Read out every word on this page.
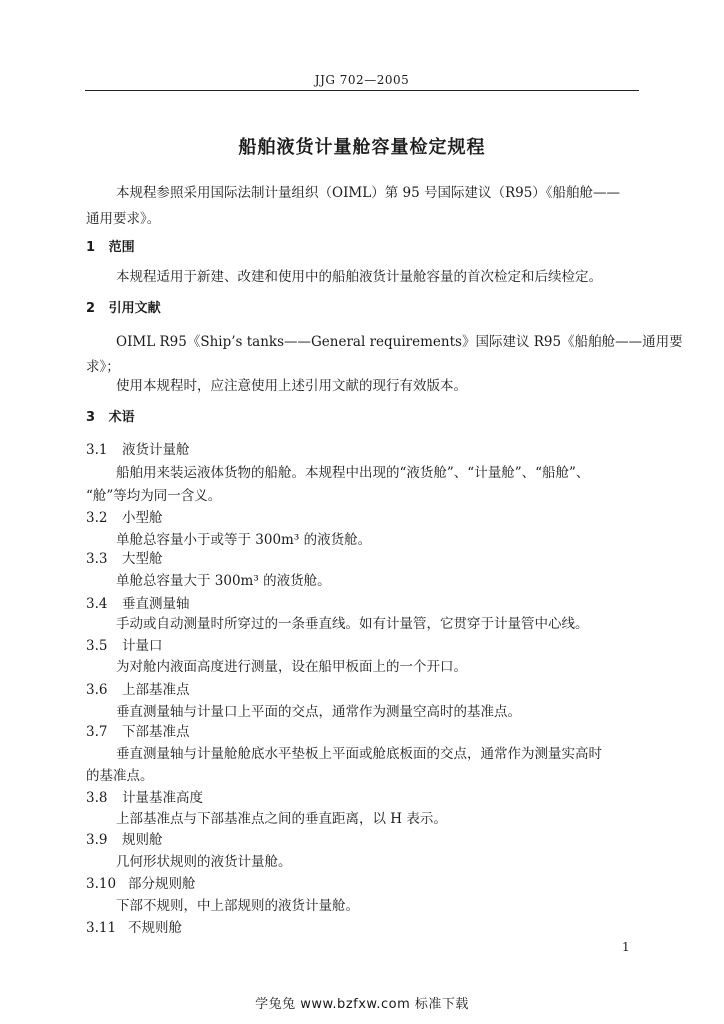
JJG 702—2005
船舶液货计量舱容量检定规程
本规程参照采用国际法制计量组织（OIML）第 95 号国际建议（R95）《船舶舱——
通用要求》。
1 范围
本规程适用于新建、改建和使用中的船舶液货计量舱容量的首次检定和后续检定。
2 引用文献
OIML R95《Ship’s tanks——General requirements》国际建议 R95《船舶舱——通用要
求》；
使用本规程时，应注意使用上述引用文献的现行有效版本。
3 术语
3.1 液货计量舱
船舶用来装运液体货物的船舱。本规程中出现的“液货舱”、“计量舱”、“船舱”、
“舱”等均为同一含义。
3.2 小型舱
单舱总容量小于或等于 300m³ 的液货舱。
3.3 大型舱
单舱总容量大于 300m³ 的液货舱。
3.4 垂直测量轴
手动或自动测量时所穿过的一条垂直线。如有计量管，它贯穿于计量管中心线。
3.5 计量口
为对舱内液面高度进行测量，设在船甲板面上的一个开口。
3.6 上部基准点
垂直测量轴与计量口上平面的交点，通常作为测量空高时的基准点。
3.7 下部基准点
垂直测量轴与计量舱舱底水平垫板上平面或舱底板面的交点，通常作为测量实高时
的基准点。
3.8 计量基准高度
上部基准点与下部基准点之间的垂直距离，以 H 表示。
3.9 规则舱
几何形状规则的液货计量舱。
3.10 部分规则舱
下部不规则，中上部规则的液货计量舱。
3.11 不规则舱
1
学兔兔 www.bzfxw.com 标准下载
